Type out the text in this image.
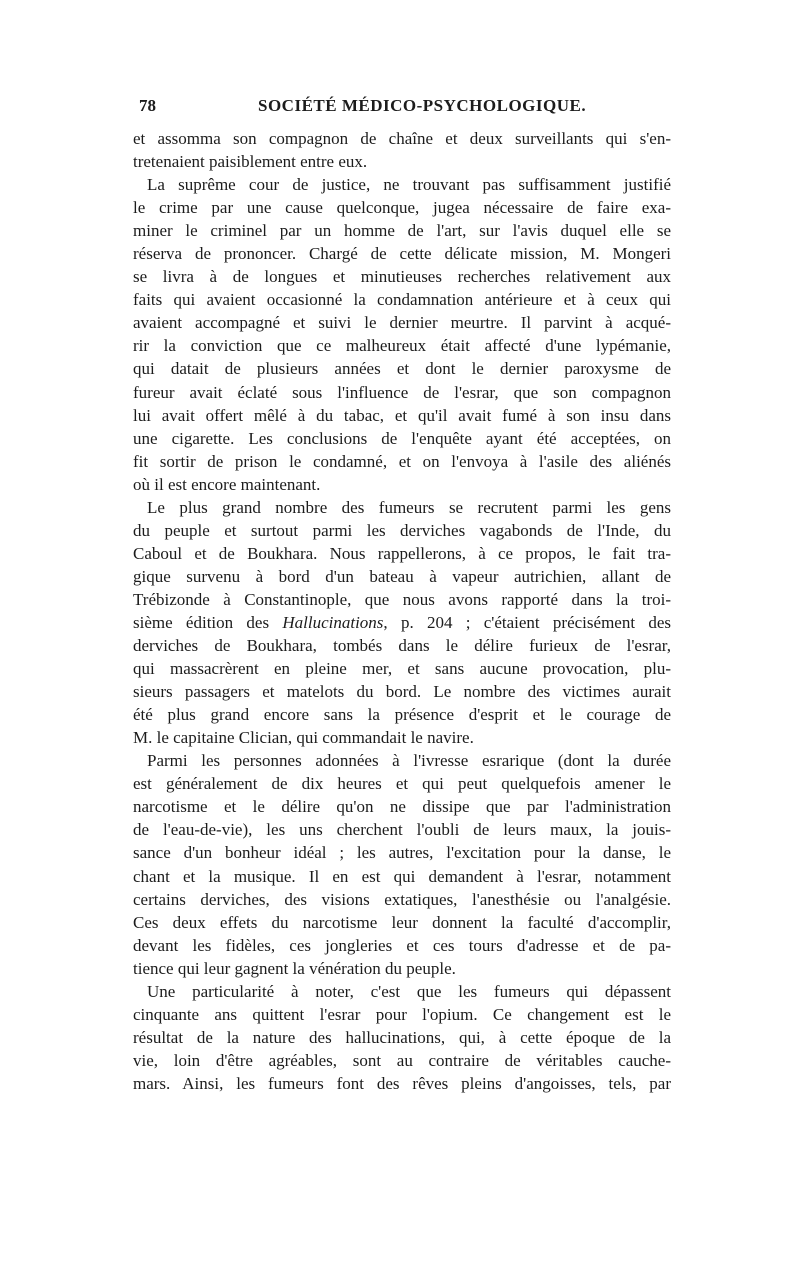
78	SOCIÉTÉ MÉDICO-PSYCHOLOGIQUE.
et assomma son compagnon de chaîne et deux surveillants qui s'en-
tretenaient paisiblement entre eux.
La suprême cour de justice, ne trouvant pas suffisamment justifié
le crime par une cause quelconque, jugea nécessaire de faire exa-
miner le criminel par un homme de l'art, sur l'avis duquel elle se
réserva de prononcer. Chargé de cette délicate mission, M. Mongeri
se livra à de longues et minutieuses recherches relativement aux
faits qui avaient occasionné la condamnation antérieure et à ceux qui
avaient accompagné et suivi le dernier meurtre. Il parvint à acqué-
rir la conviction que ce malheureux était affecté d'une lypémanie,
qui datait de plusieurs années et dont le dernier paroxysme de
fureur avait éclaté sous l'influence de l'esrar, que son compagnon
lui avait offert mêlé à du tabac, et qu'il avait fumé à son insu dans
une cigarette. Les conclusions de l'enquête ayant été acceptées, on
fit sortir de prison le condamné, et on l'envoya à l'asile des aliénés
où il est encore maintenant.
Le plus grand nombre des fumeurs se recrutent parmi les gens
du peuple et surtout parmi les derviches vagabonds de l'Inde, du
Caboul et de Boukhara. Nous rappellerons, à ce propos, le fait tra-
gique survenu à bord d'un bateau à vapeur autrichien, allant de
Trébizonde à Constantinople, que nous avons rapporté dans la troi-
sième édition des Hallucinations, p. 204 ; c'étaient précisément des
derviches de Boukhara, tombés dans le délire furieux de l'esrar,
qui massacrèrent en pleine mer, et sans aucune provocation, plu-
sieurs passagers et matelots du bord. Le nombre des victimes aurait
été plus grand encore sans la présence d'esprit et le courage de
M. le capitaine Clician, qui commandait le navire.
Parmi les personnes adonnées à l'ivresse esrarique (dont la durée
est généralement de dix heures et qui peut quelquefois amener le
narcotisme et le délire qu'on ne dissipe que par l'administration
de l'eau-de-vie), les uns cherchent l'oubli de leurs maux, la jouis-
sance d'un bonheur idéal ; les autres, l'excitation pour la danse, le
chant et la musique. Il en est qui demandent à l'esrar, notamment
certains derviches, des visions extatiques, l'anesthésie ou l'analgésie.
Ces deux effets du narcotisme leur donnent la faculté d'accomplir,
devant les fidèles, ces jongleries et ces tours d'adresse et de pa-
tience qui leur gagnent la vénération du peuple.
Une particularité à noter, c'est que les fumeurs qui dépassent
cinquante ans quittent l'esrar pour l'opium. Ce changement est le
résultat de la nature des hallucinations, qui, à cette époque de la
vie, loin d'être agréables, sont au contraire de véritables cauche-
mars. Ainsi, les fumeurs font des rêves pleins d'angoisses, tels, par
